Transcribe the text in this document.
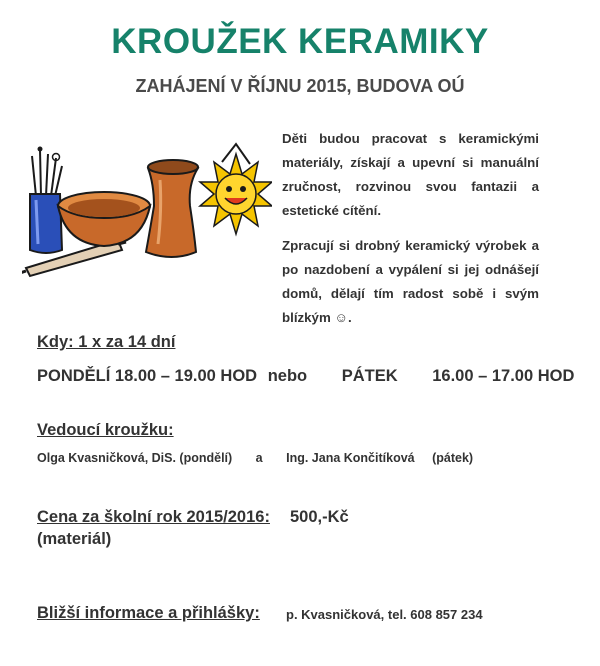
KROUŽEK KERAMIKY
ZAHÁJENÍ V ŘÍJNU 2015, BUDOVA OÚ

Děti budou pracovat s keramickými materiály, získají a upevní si manuální zručnost, rozvinou svou fantazii a estetické cítění.

Zpracují si drobný keramický výrobek a po nazdobení a vypálení si jej odnášejí domů, dělají tím radost sobě i svým blízkým ☺.

Kdy: 1 x za 14 dní
PONDĚLÍ 18.00 – 19.00 HOD nebo PÁTEK 16.00 – 17.00 HOD
Vedoucí kroužku:
Olga Kvasničková, DiS. (pondělí) a Ing. Jana Končitíková (pátek)
Cena za školní rok 2015/2016: 500,-Kč
(materiál)
Bližší informace a přihlášky: p. Kvasničková, tel. 608 857 234
